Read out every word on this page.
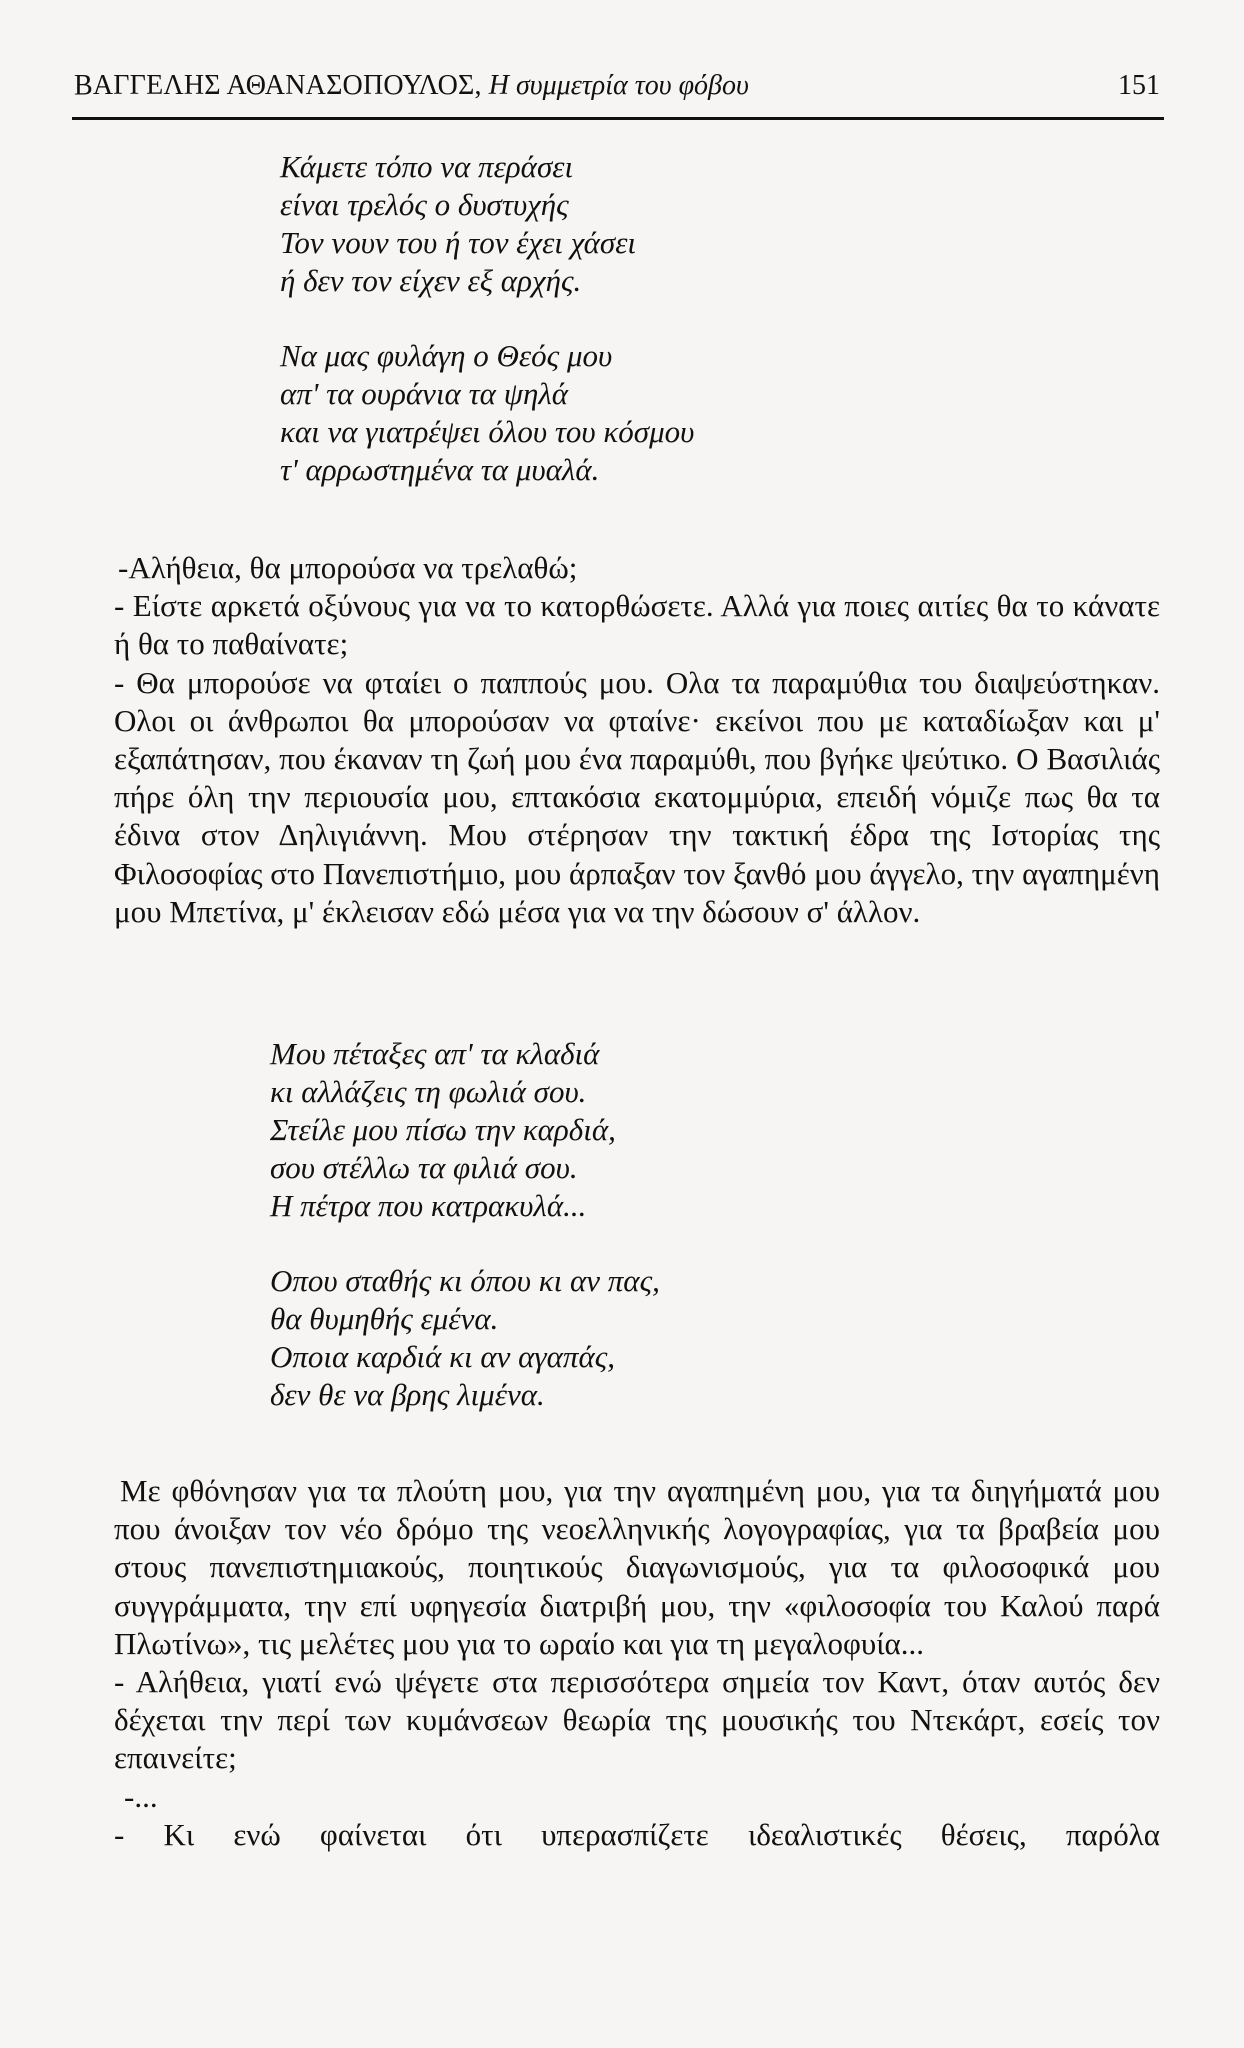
ΒΑΓΓΕΛΗΣ ΑΘΑΝΑΣΟΠΟΥΛΟΣ, Η συμμετρία του φόβου	151
Κάμετε τόπο να περάσει
είναι τρελός ο δυστυχής
Τον νουν του ή τον έχει χάσει
ή δεν τον είχεν εξ αρχής.
Να μας φυλάγη ο Θεός μου
απ' τα ουράνια τα ψηλά
και να γιατρέψει όλου του κόσμου
τ' αρρωστημένα τα μυαλά.

-Αλήθεια, θα μπορούσα να τρελαθώ;

- Είστε αρκετά οξύνους για να το κατορθώσετε. Αλλά για ποιες αιτίες θα το κάνατε ή θα το παθαίνατε;

- Θα μπορούσε να φταίει ο παππούς μου. Ολα τα παραμύθια του διαψεύστηκαν. Ολοι οι άνθρωποι θα μπορούσαν να φταίνε· εκείνοι που με καταδίωξαν και μ' εξαπάτησαν, που έκαναν τη ζωή μου ένα παραμύθι, που βγήκε ψεύτικο. Ο Βασιλιάς πήρε όλη την περιουσία μου, επτακόσια εκατομμύρια, επειδή νόμιζε πως θα τα έδινα στον Δηλιγιάννη. Μου στέρησαν την τακτική έδρα της Ιστορίας της Φιλοσοφίας στο Πανεπιστήμιο, μου άρπαξαν τον ξανθό μου άγγελο, την αγαπημένη μου Μπετίνα, μ' έκλεισαν εδώ μέσα για να την δώσουν σ' άλλον.

Μου πέταξες απ' τα κλαδιά
κι αλλάζεις τη φωλιά σου.
Στείλε μου πίσω την καρδιά,
σου στέλλω τα φιλιά σου.
Η πέτρα που κατρακυλά...
Οπου σταθής κι όπου κι αν πας,
θα θυμηθής εμένα.
Οποια καρδιά κι αν αγαπάς,
δεν θε να βρης λιμένα.

Με φθόνησαν για τα πλούτη μου, για την αγαπημένη μου, για τα διηγήματά μου που άνοιξαν τον νέο δρόμο της νεοελληνικής λογογραφίας, για τα βραβεία μου στους πανεπιστημιακούς, ποιητικούς διαγωνισμούς, για τα φιλοσοφικά μου συγγράμματα, την επί υφηγεσία διατριβή μου, την «φιλοσοφία του Καλού παρά Πλωτίνω», τις μελέτες μου για το ωραίο και για τη μεγαλοφυία...

- Αλήθεια, γιατί ενώ ψέγετε στα περισσότερα σημεία τον Καντ, όταν αυτός δεν δέχεται την περί των κυμάνσεων θεωρία της μουσικής του Ντεκάρτ, εσείς τον επαινείτε;

-...

- Κι ενώ φαίνεται ότι υπερασπίζετε ιδεαλιστικές θέσεις, παρόλα
